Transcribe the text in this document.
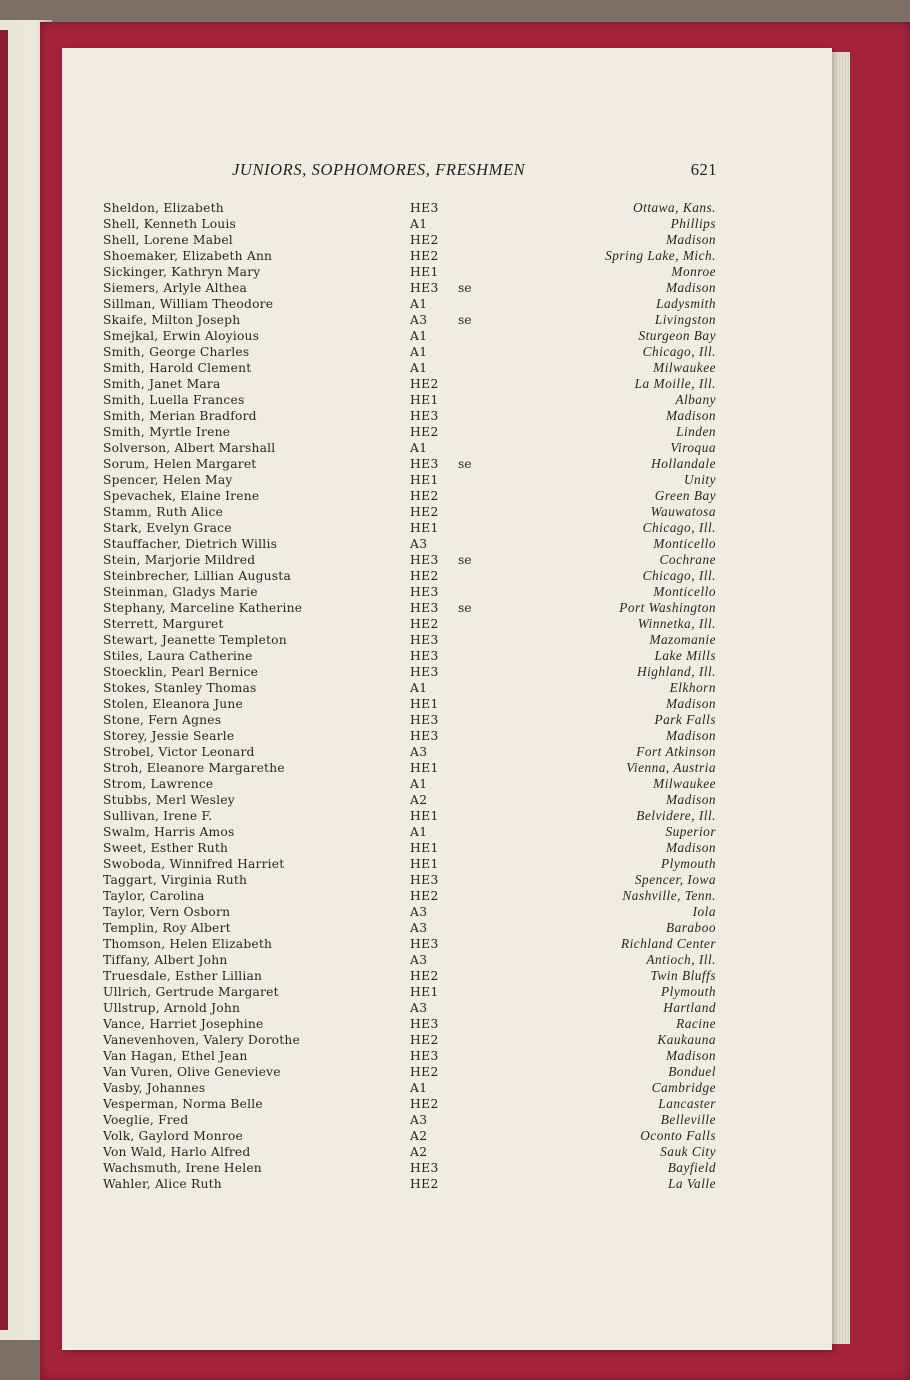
JUNIORS, SOPHOMORES, FRESHMEN	621
Sheldon, Elizabeth	HE3	Ottawa, Kans.
Shell, Kenneth Louis	A1	Phillips
Shell, Lorene Mabel	HE2	Madison
Shoemaker, Elizabeth Ann	HE2	Spring Lake, Mich.
Sickinger, Kathryn Mary	HE1	Monroe
Siemers, Arlyle Althea	HE3 se	Madison
Sillman, William Theodore	A1	Ladysmith
Skaife, Milton Joseph	A3 se	Livingston
Smejkal, Erwin Aloyious	A1	Sturgeon Bay
Smith, George Charles	A1	Chicago, Ill.
Smith, Harold Clement	A1	Milwaukee
Smith, Janet Mara	HE2	La Moille, Ill.
Smith, Luella Frances	HE1	Albany
Smith, Merian Bradford	HE3	Madison
Smith, Myrtle Irene	HE2	Linden
Solverson, Albert Marshall	A1	Viroqua
Sorum, Helen Margaret	HE3 se	Hollandale
Spencer, Helen May	HE1	Unity
Spevachek, Elaine Irene	HE2	Green Bay
Stamm, Ruth Alice	HE2	Wauwatosa
Stark, Evelyn Grace	HE1	Chicago, Ill.
Stauffacher, Dietrich Willis	A3	Monticello
Stein, Marjorie Mildred	HE3 se	Cochrane
Steinbrecher, Lillian Augusta	HE2	Chicago, Ill.
Steinman, Gladys Marie	HE3	Monticello
Stephany, Marceline Katherine	HE3 se	Port Washington
Sterrett, Marguret	HE2	Winnetka, Ill.
Stewart, Jeanette Templeton	HE3	Mazomanie
Stiles, Laura Catherine	HE3	Lake Mills
Stoecklin, Pearl Bernice	HE3	Highland, Ill.
Stokes, Stanley Thomas	A1	Elkhorn
Stolen, Eleanora June	HE1	Madison
Stone, Fern Agnes	HE3	Park Falls
Storey, Jessie Searle	HE3	Madison
Strobel, Victor Leonard	A3	Fort Atkinson
Stroh, Eleanore Margarethe	HE1	Vienna, Austria
Strom, Lawrence	A1	Milwaukee
Stubbs, Merl Wesley	A2	Madison
Sullivan, Irene F.	HE1	Belvidere, Ill.
Swalm, Harris Amos	A1	Superior
Sweet, Esther Ruth	HE1	Madison
Swoboda, Winnifred Harriet	HE1	Plymouth
Taggart, Virginia Ruth	HE3	Spencer, Iowa
Taylor, Carolina	HE2	Nashville, Tenn.
Taylor, Vern Osborn	A3	Iola
Templin, Roy Albert	A3	Baraboo
Thomson, Helen Elizabeth	HE3	Richland Center
Tiffany, Albert John	A3	Antioch, Ill.
Truesdale, Esther Lillian	HE2	Twin Bluffs
Ullrich, Gertrude Margaret	HE1	Plymouth
Ullstrup, Arnold John	A3	Hartland
Vance, Harriet Josephine	HE3	Racine
Vanevenhoven, Valery Dorothe	HE2	Kaukauna
Van Hagan, Ethel Jean	HE3	Madison
Van Vuren, Olive Genevieve	HE2	Bonduel
Vasby, Johannes	A1	Cambridge
Vesperman, Norma Belle	HE2	Lancaster
Voeglie, Fred	A3	Belleville
Volk, Gaylord Monroe	A2	Oconto Falls
Von Wald, Harlo Alfred	A2	Sauk City
Wachsmuth, Irene Helen	HE3	Bayfield
Wahler, Alice Ruth	HE2	La Valle
